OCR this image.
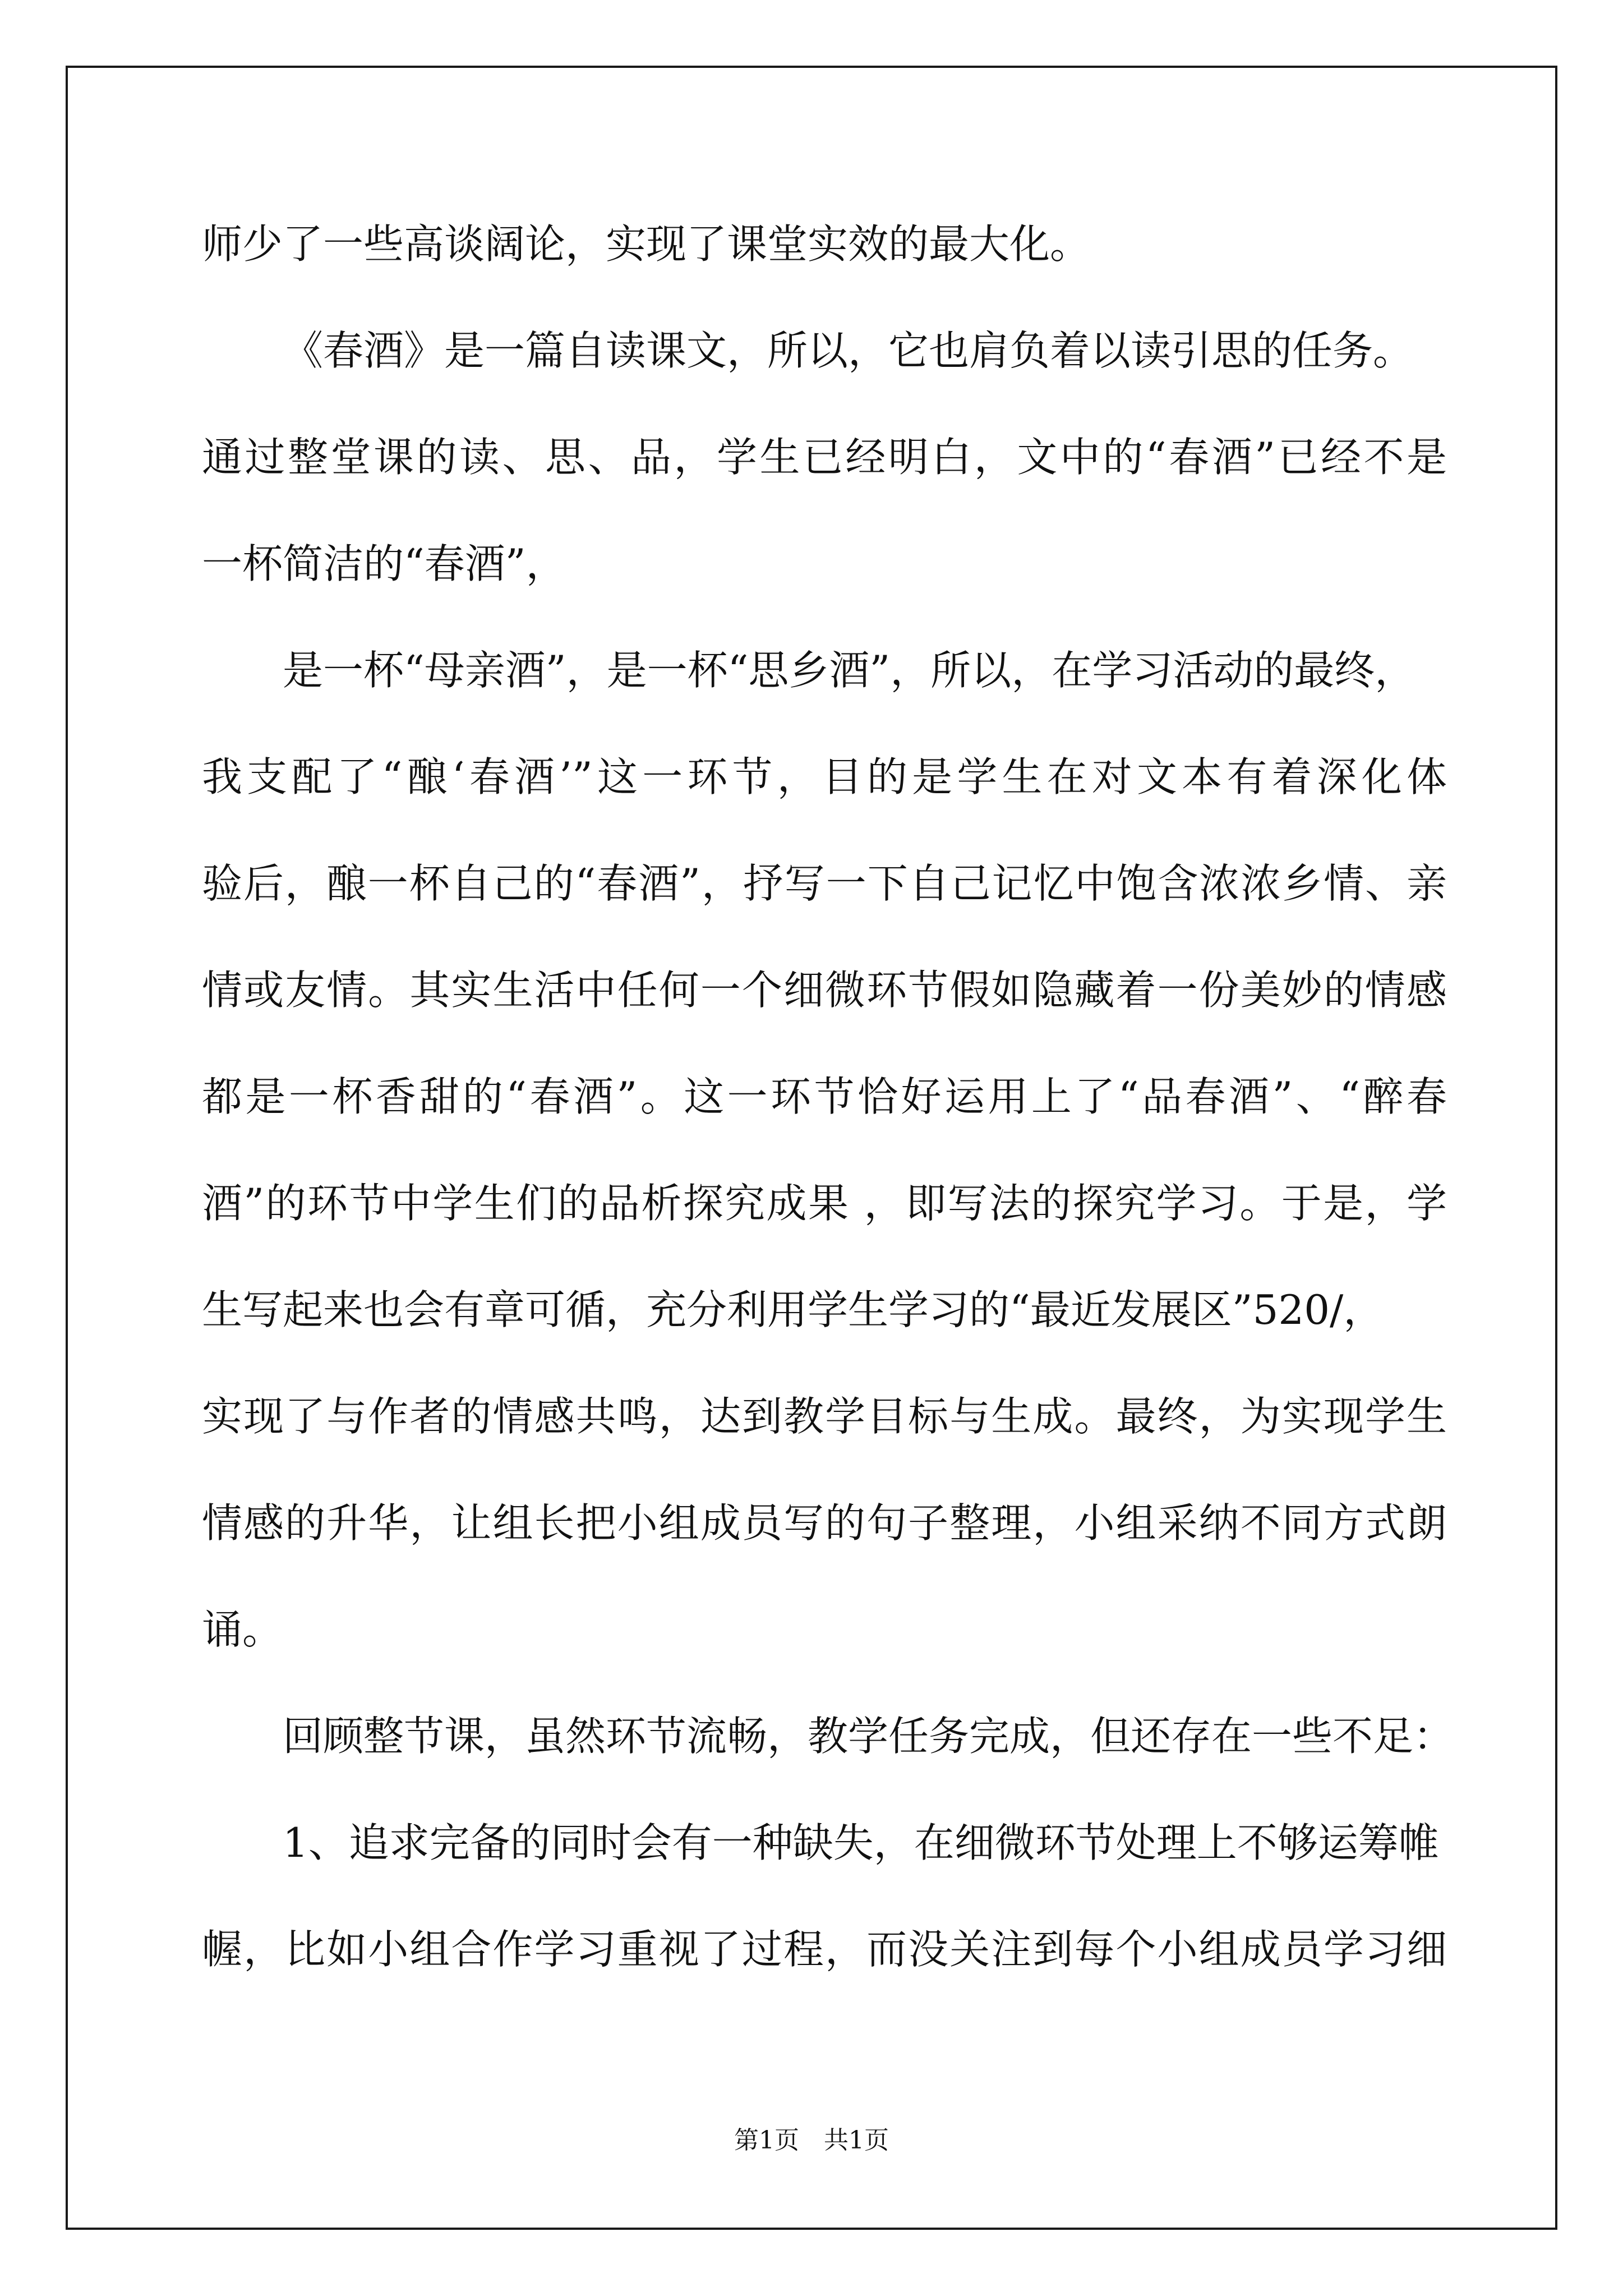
师少了一些高谈阔论，实现了课堂实效的最大化。
《春酒》是一篇自读课文，所以，它也肩负着以读引思的任务。
通过整堂课的读、思、品，学生已经明白，文中的“春酒”已经不是
一杯简洁的“春酒”，
是一杯“母亲酒”，是一杯“思乡酒”，所以，在学习活动的最终，
我支配了“酿‘春酒’”这一环节，目的是学生在对文本有着深化体
验后，酿一杯自己的“春酒”，抒写一下自己记忆中饱含浓浓乡情、亲
情或友情。其实生活中任何一个细微环节假如隐藏着一份美妙的情感
都是一杯香甜的“春酒”。这一环节恰好运用上了“品春酒”、“醉春
酒”的环节中学生们的品析探究成果 ，即写法的探究学习。于是，学
生写起来也会有章可循，充分利用学生学习的“最近发展区”520/，
实现了与作者的情感共鸣，达到教学目标与生成。最终，为实现学生
情感的升华，让组长把小组成员写的句子整理，小组采纳不同方式朗
诵。
回顾整节课，虽然环节流畅，教学任务完成，但还存在一些不足：
1、追求完备的同时会有一种缺失，在细微环节处理上不够运筹帷
幄，比如小组合作学习重视了过程，而没关注到每个小组成员学习细
第1页　共1页
